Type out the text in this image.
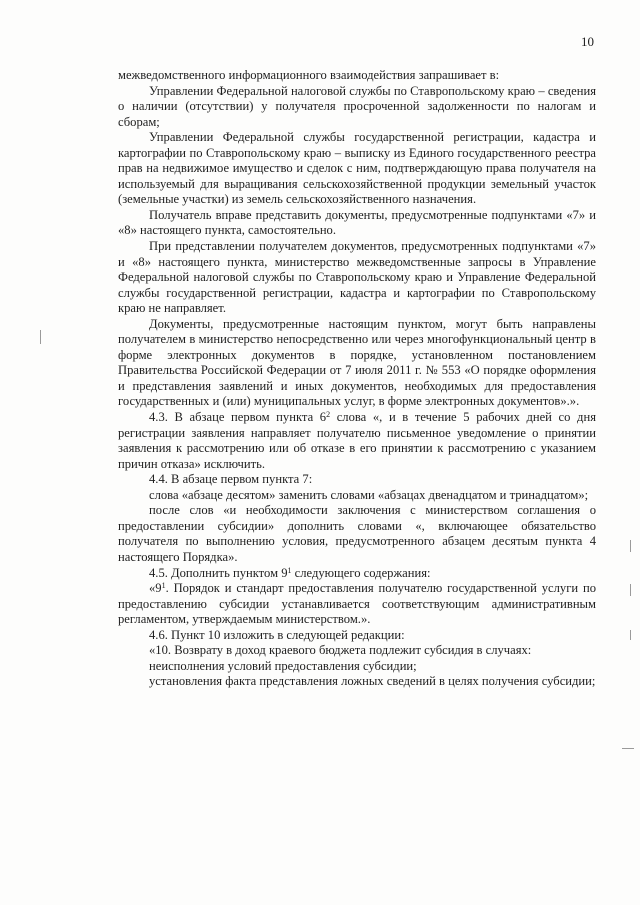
10

межведомственного информационного взаимодействия запрашивает в:

Управлении Федеральной налоговой службы по Ставропольскому краю – сведения о наличии (отсутствии) у получателя просроченной задолженности по налогам и сборам;

Управлении Федеральной службы государственной регистрации, кадастра и картографии по Ставропольскому краю – выписку из Единого государственного реестра прав на недвижимое имущество и сделок с ним, подтверждающую права получателя на используемый для выращивания сельскохозяйственной продукции земельный участок (земельные участки) из земель сельскохозяйственного назначения.

Получатель вправе представить документы, предусмотренные подпунктами «7» и «8» настоящего пункта, самостоятельно.

При представлении получателем документов, предусмотренных подпунктами «7» и «8» настоящего пункта, министерство межведомственные запросы в Управление Федеральной налоговой службы по Ставропольскому краю и Управление Федеральной службы государственной регистрации, кадастра и картографии по Ставропольскому краю не направляет.

Документы, предусмотренные настоящим пунктом, могут быть направлены получателем в министерство непосредственно или через многофункциональный центр в форме электронных документов в порядке, установленном постановлением Правительства Российской Федерации от 7 июля 2011 г. № 553 «О порядке оформления и представления заявлений и иных документов, необходимых для предоставления государственных и (или) муниципальных услуг, в форме электронных документов».».

4.3. В абзаце первом пункта $6^2$ слова «, и в течение 5 рабочих дней со дня регистрации заявления направляет получателю письменное уведомление о принятии заявления к рассмотрению или об отказе в его принятии к рассмотрению с указанием причин отказа» исключить.

4.4. В абзаце первом пункта 7:

слова «абзаце десятом» заменить словами «абзацах двенадцатом и тринадцатом»;

после слов «и необходимости заключения с министерством соглашения о предоставлении субсидии» дополнить словами «, включающее обязательство получателя по выполнению условия, предусмотренного абзацем десятым пункта 4 настоящего Порядка».

4.5. Дополнить пунктом $9^1$ следующего содержания:

«$9^1$. Порядок и стандарт предоставления получателю государственной услуги по предоставлению субсидии устанавливается соответствующим административным регламентом, утверждаемым министерством.».

4.6. Пункт 10 изложить в следующей редакции:

«10. Возврату в доход краевого бюджета подлежит субсидия в случаях:

неисполнения условий предоставления субсидии;

установления факта представления ложных сведений в целях получения субсидии;
